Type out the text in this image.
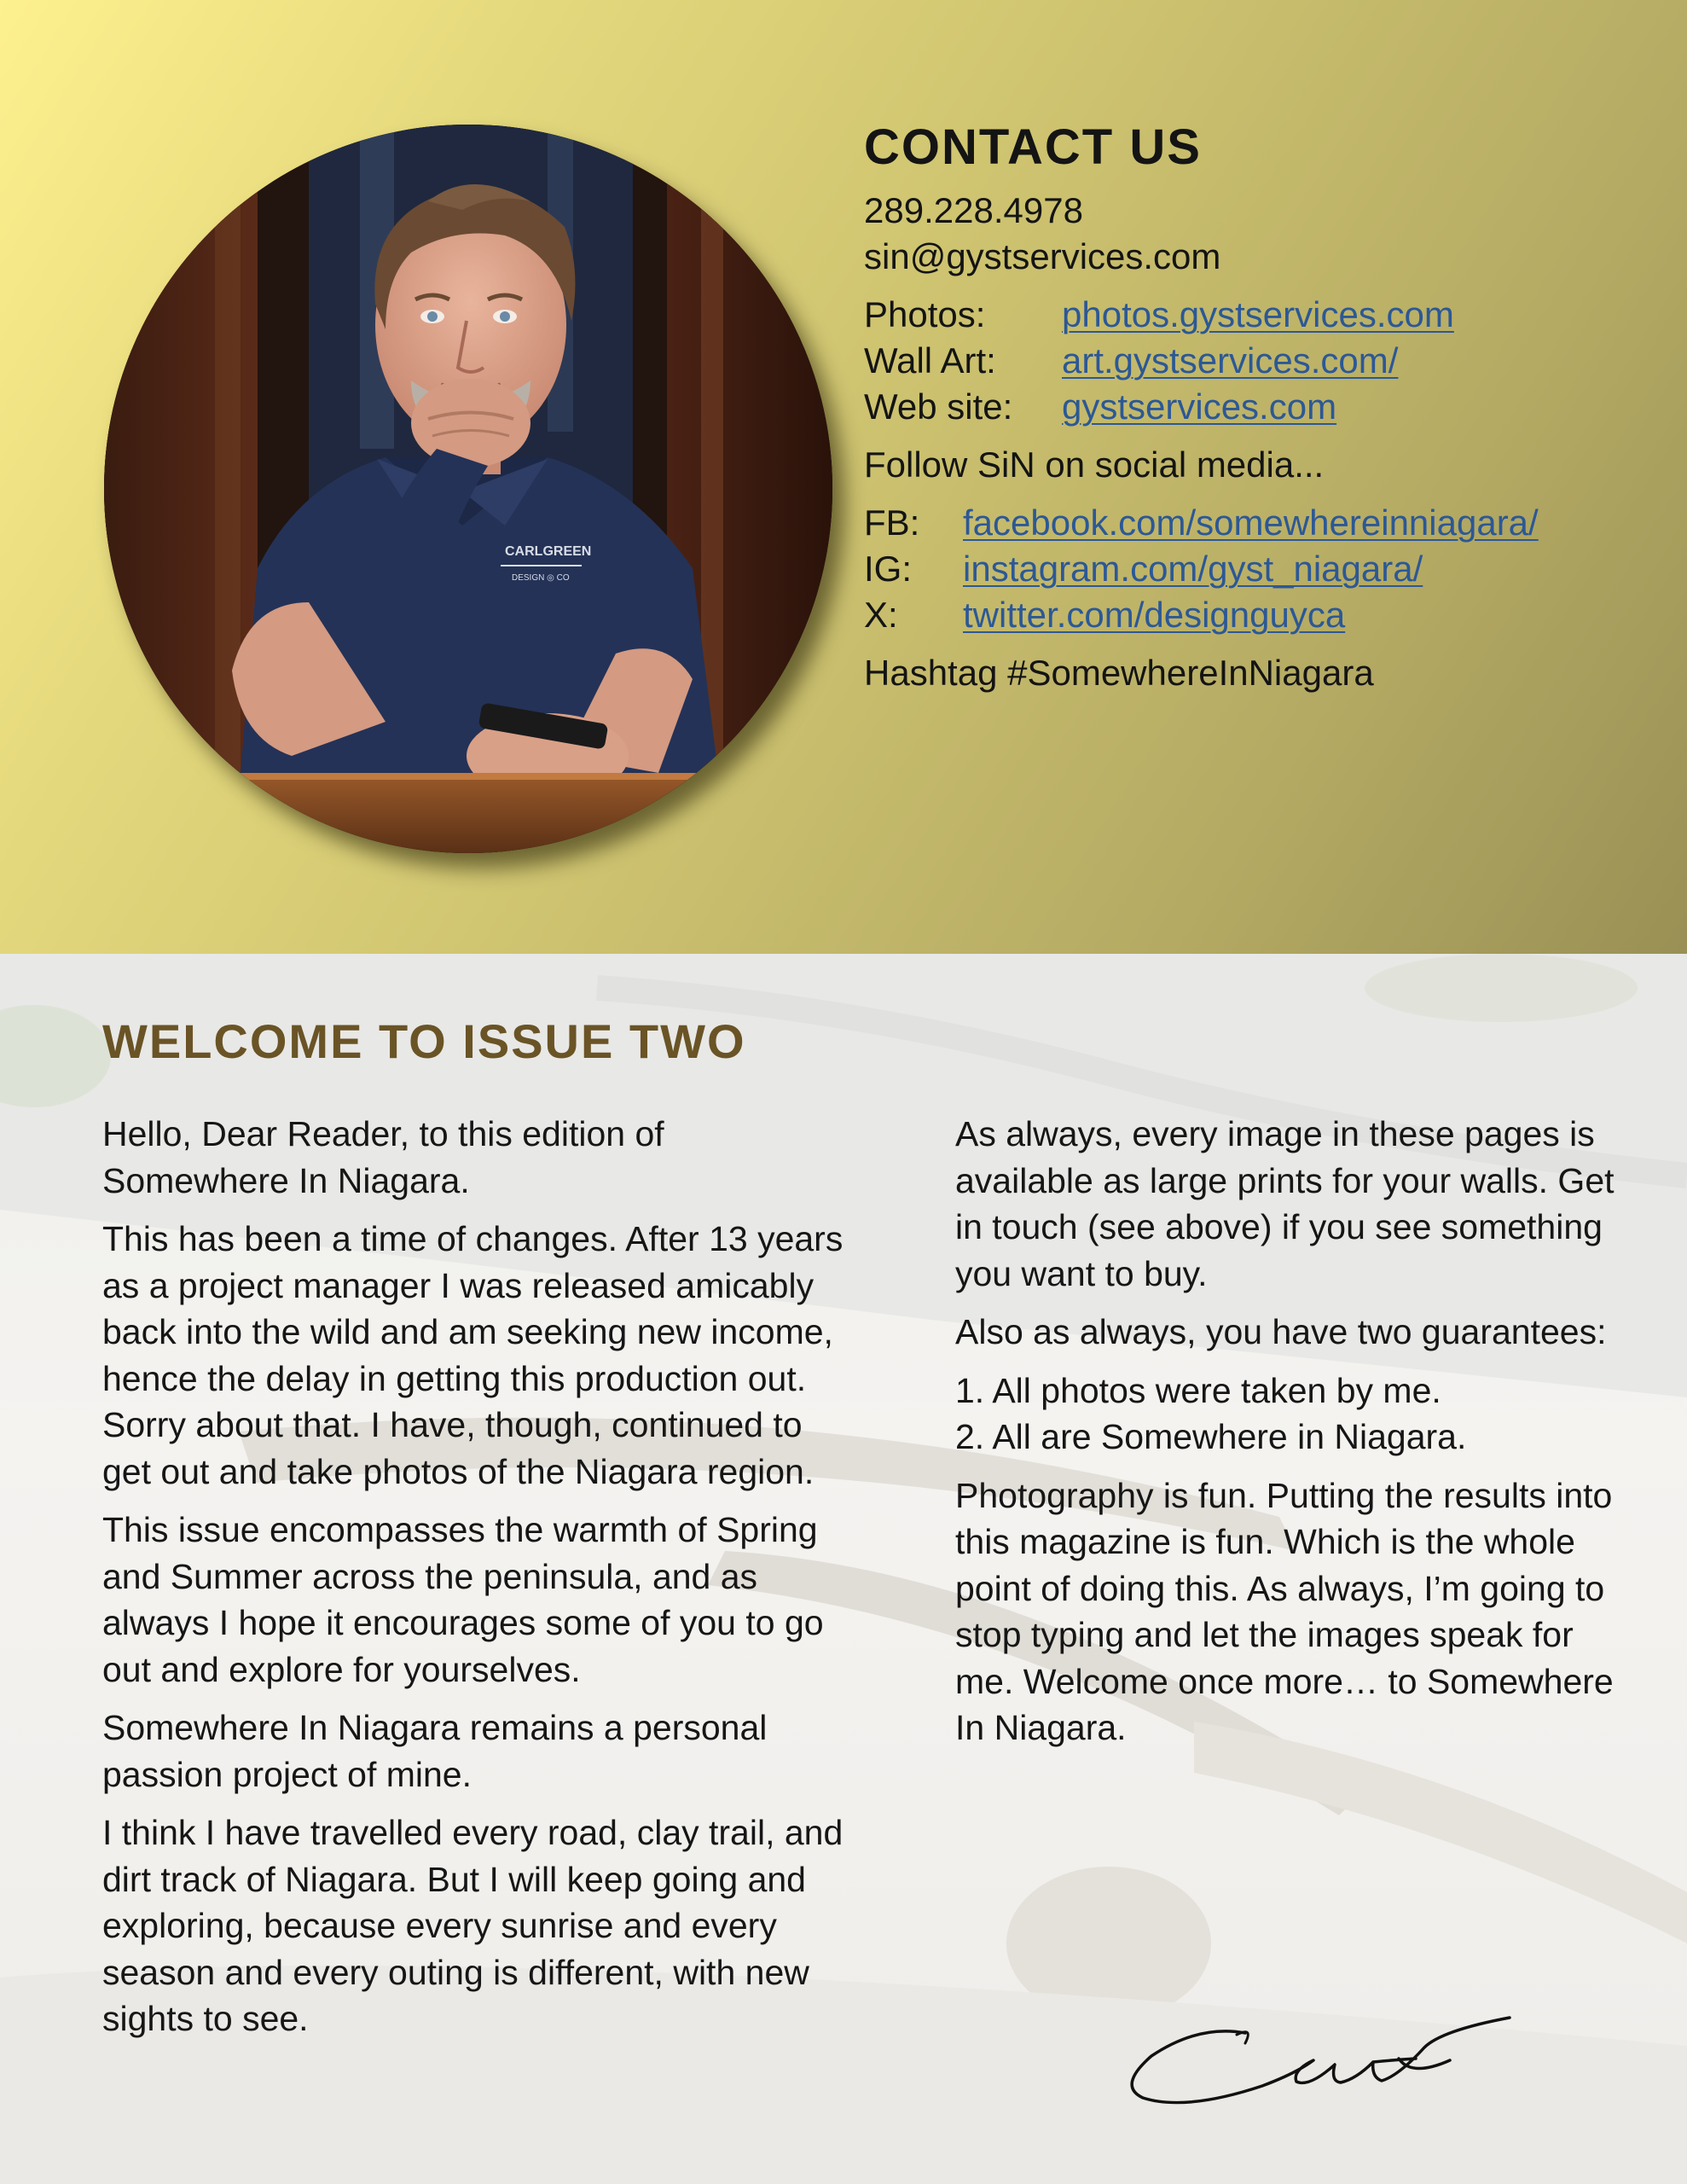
CARLGREEN
DESIGN ◎ CO
CONTACT US
289.228.4978
sin@gystservices.com
Photos:	photos.gystservices.com
Wall Art:	art.gystservices.com/
Web site:	gystservices.com
Follow SiN on social media...
FB:	facebook.com/somewhereinniagara/
IG:	instagram.com/gyst_niagara/
X:	twitter.com/designguyca
Hashtag #SomewhereInNiagara
WELCOME TO ISSUE TWO

Hello, Dear Reader, to this edition of Somewhere In Niagara.

This has been a time of changes. After 13 years as a project manager I was released amicably back into the wild and am seeking new income, hence the delay in getting this production out. Sorry about that. I have, though, continued to get out and take photos of the Niagara region.

This issue encompasses the warmth of Spring and Summer across the peninsula, and as always I hope it encourages some of you to go out and explore for yourselves.

Somewhere In Niagara remains a personal passion project of mine.

I think I have travelled every road, clay trail, and dirt track of Niagara. But I will keep going and exploring, because every sunrise and every season and every outing is different, with new sights to see.

As always, every image in these pages is available as large prints for your walls. Get in touch (see above) if you see something you want to buy.

Also as always, you have two guarantees:

1. All photos were taken by me.

2. All are Somewhere in Niagara.

Photography is fun. Putting the results into this magazine is fun. Which is the whole point of doing this. As always, I’m going to stop typing and let the images speak for me. Welcome once more… to Somewhere In Niagara.
